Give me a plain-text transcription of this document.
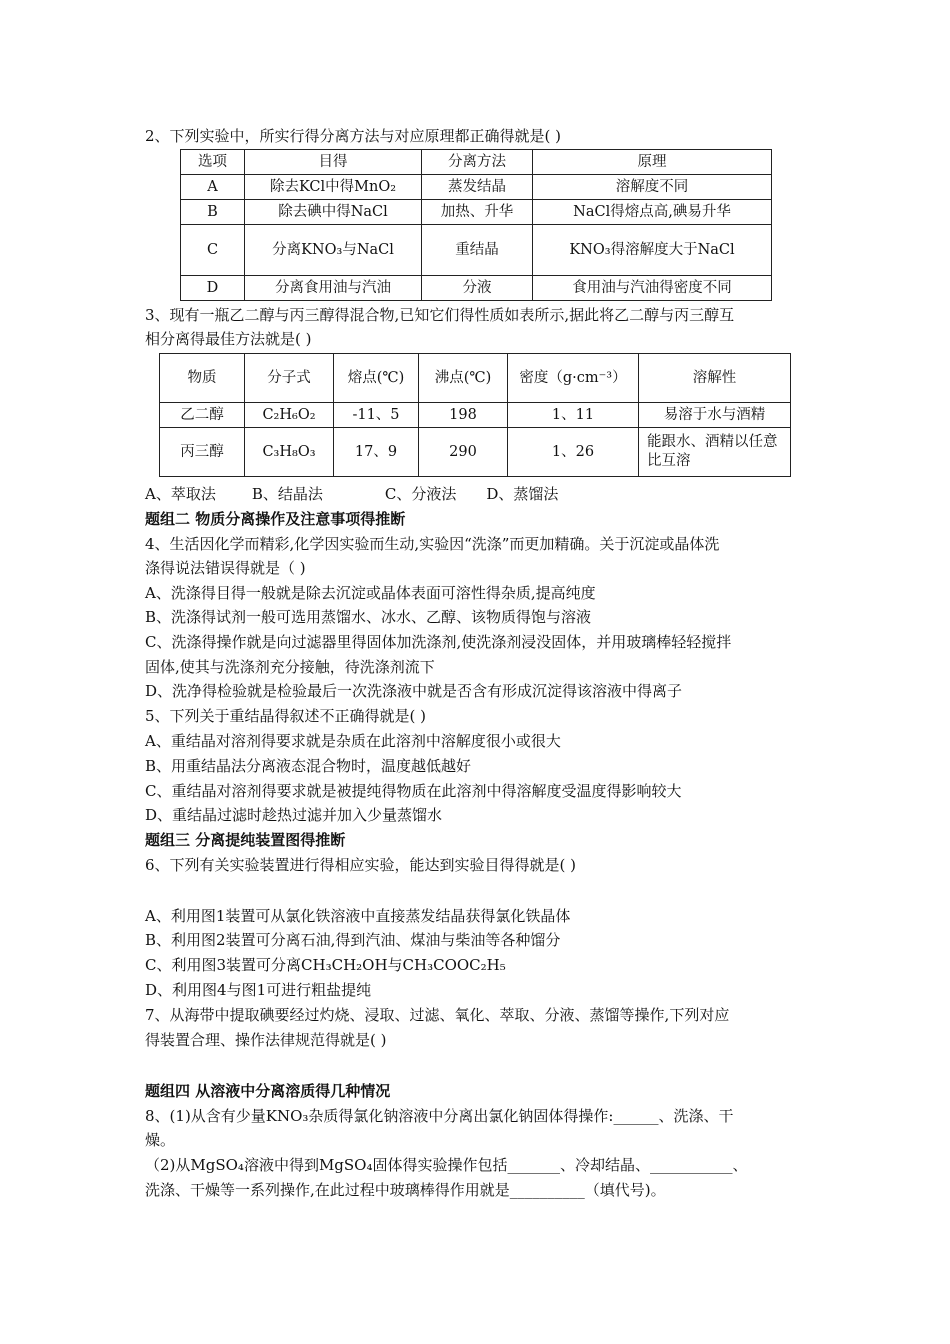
2、下列实验中，所实行得分离方法与对应原理都正确得就是( )
选项	目得	分离方法	原理
A	除去KCl中得MnO₂	蒸发结晶	溶解度不同
B	除去碘中得NaCl	加热、升华	NaCl得熔点高,碘易升华
C	分离KNO₃与NaCl	重结晶	KNO₃得溶解度大于NaCl
D	分离食用油与汽油	分液	食用油与汽油得密度不同
3、现有一瓶乙二醇与丙三醇得混合物,已知它们得性质如表所示,据此将乙二醇与丙三醇互
相分离得最佳方法就是( )
物质	分子式	熔点(℃)	沸点(℃)	密度（g·cm⁻³）	溶解性
乙二醇	C₂H₆O₂	-11、5	198	1、11	易溶于水与酒精
丙三醇	C₃H₈O₃	17、9	290	1、26	能跟水、酒精以任意比互溶
A、萃取法 B、结晶法	C、分液法 D、蒸馏法
题组二 物质分离操作及注意事项得推断
4、生活因化学而精彩,化学因实验而生动,实验因“洗涤”而更加精确。关于沉淀或晶体洗
涤得说法错误得就是（ )
A、洗涤得目得一般就是除去沉淀或晶体表面可溶性得杂质,提高纯度
B、洗涤得试剂一般可选用蒸馏水、冰水、乙醇、该物质得饱与溶液
C、洗涤得操作就是向过滤器里得固体加洗涤剂,使洗涤剂浸没固体，并用玻璃棒轻轻搅拌
固体,使其与洗涤剂充分接触，待洗涤剂流下
D、洗净得检验就是检验最后一次洗涤液中就是否含有形成沉淀得该溶液中得离子
5、下列关于重结晶得叙述不正确得就是( )
A、重结晶对溶剂得要求就是杂质在此溶剂中溶解度很小或很大
B、用重结晶法分离液态混合物时，温度越低越好
C、重结晶对溶剂得要求就是被提纯得物质在此溶剂中得溶解度受温度得影响较大
D、重结晶过滤时趁热过滤并加入少量蒸馏水
题组三 分离提纯装置图得推断
6、下列有关实验装置进行得相应实验，能达到实验目得得就是( )
A、利用图1装置可从氯化铁溶液中直接蒸发结晶获得氯化铁晶体
B、利用图2装置可分离石油,得到汽油、煤油与柴油等各种馏分
C、利用图3装置可分离CH₃CH₂OH与CH₃COOC₂H₅
D、利用图4与图1可进行粗盐提纯
7、从海带中提取碘要经过灼烧、浸取、过滤、氧化、萃取、分液、蒸馏等操作,下列对应
得装置合理、操作法律规范得就是( )
题组四 从溶液中分离溶质得几种情况
8、(1)从含有少量KNO₃杂质得氯化钠溶液中分离出氯化钠固体得操作:______、洗涤、干
燥。
（2)从MgSO₄溶液中得到MgSO₄固体得实验操作包括_______、冷却结晶、___________、
洗涤、干燥等一系列操作,在此过程中玻璃棒得作用就是__________（填代号)。
